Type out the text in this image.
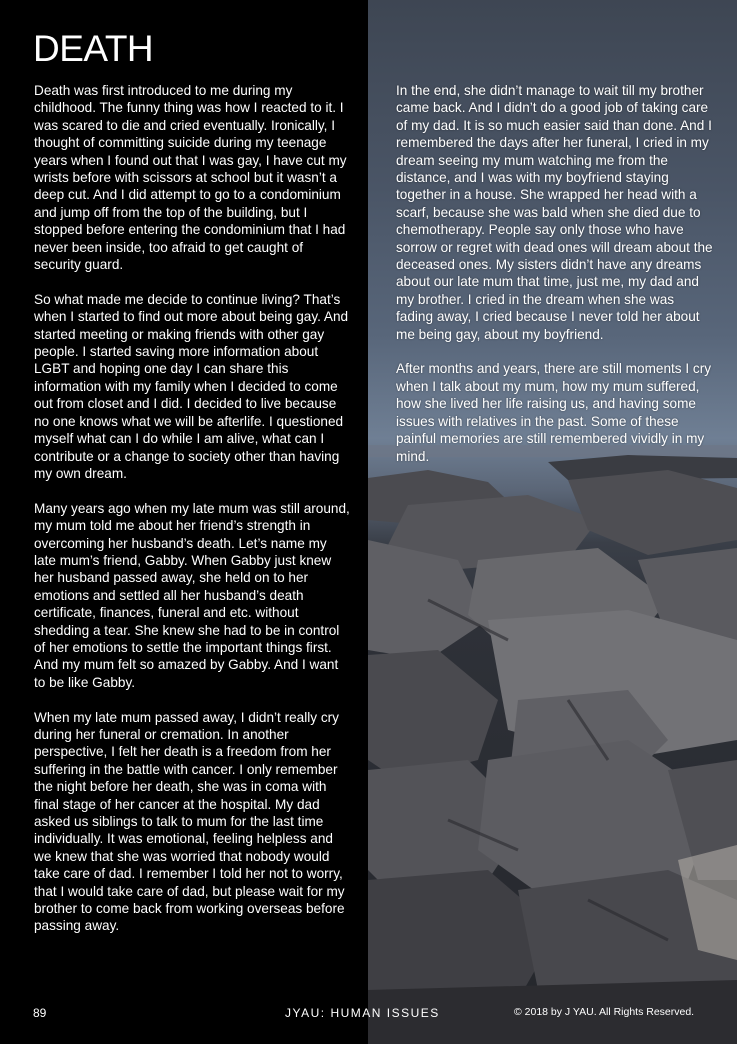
DEATH

Death was first introduced to me during my childhood. The funny thing was how I reacted to it. I was scared to die and cried eventually. Ironically, I thought of committing suicide during my teenage years when I found out that I was gay, I have cut my wrists before with scissors at school but it wasn’t a deep cut. And I did attempt to go to a condominium and jump off from the top of the building, but I stopped before entering the condominium that I had never been inside, too afraid to get caught of security guard.

So what made me decide to continue living? That’s when I started to find out more about being gay. And started meeting or making friends with other gay people. I started saving more information about LGBT and hoping one day I can share this information with my family when I decided to come out from closet and I did. I decided to live because no one knows what we will be afterlife. I questioned myself what can I do while I am alive, what can I contribute or a change to society other than having my own dream.

Many years ago when my late mum was still around, my mum told me about her friend’s strength in overcoming her husband’s death. Let’s name my late mum’s friend, Gabby. When Gabby just knew her husband passed away, she held on to her emotions and settled all her husband’s death certificate, finances, funeral and etc. without shedding a tear. She knew she had to be in control of her emotions to settle the important things first. And my mum felt so amazed by Gabby. And I want to be like Gabby.

When my late mum passed away, I didn’t really cry during her funeral or cremation. In another perspective, I felt her death is a freedom from her suffering in the battle with cancer. I only remember the night before her death, she was in coma with final stage of her cancer at the hospital. My dad asked us siblings to talk to mum for the last time individually. It was emotional, feeling helpless and we knew that she was worried that nobody would take care of dad. I remember I told her not to worry, that I would take care of dad, but please wait for my brother to come back from working overseas before passing away.

In the end, she didn’t manage to wait till my brother came back. And I didn’t do a good job of taking care of my dad. It is so much easier said than done. And I remembered the days after her funeral, I cried in my dream seeing my mum watching me from the distance, and I was with my boyfriend staying together in a house. She wrapped her head with a scarf, because she was bald when she died due to chemotherapy. People say only those who have sorrow or regret with dead ones will dream about the deceased ones. My sisters didn’t have any dreams about our late mum that time, just me, my dad and my brother. I cried in the dream when she was fading away, I cried because I never told her about me being gay, about my boyfriend.

After months and years, there are still moments I cry when I talk about my mum, how my mum suffered, how she lived her life raising us, and having some issues with relatives in the past. Some of these painful memories are still remembered vividly in my mind.

89	JYAU: HUMAN ISSUES	© 2018 by J YAU. All Rights Reserved.
